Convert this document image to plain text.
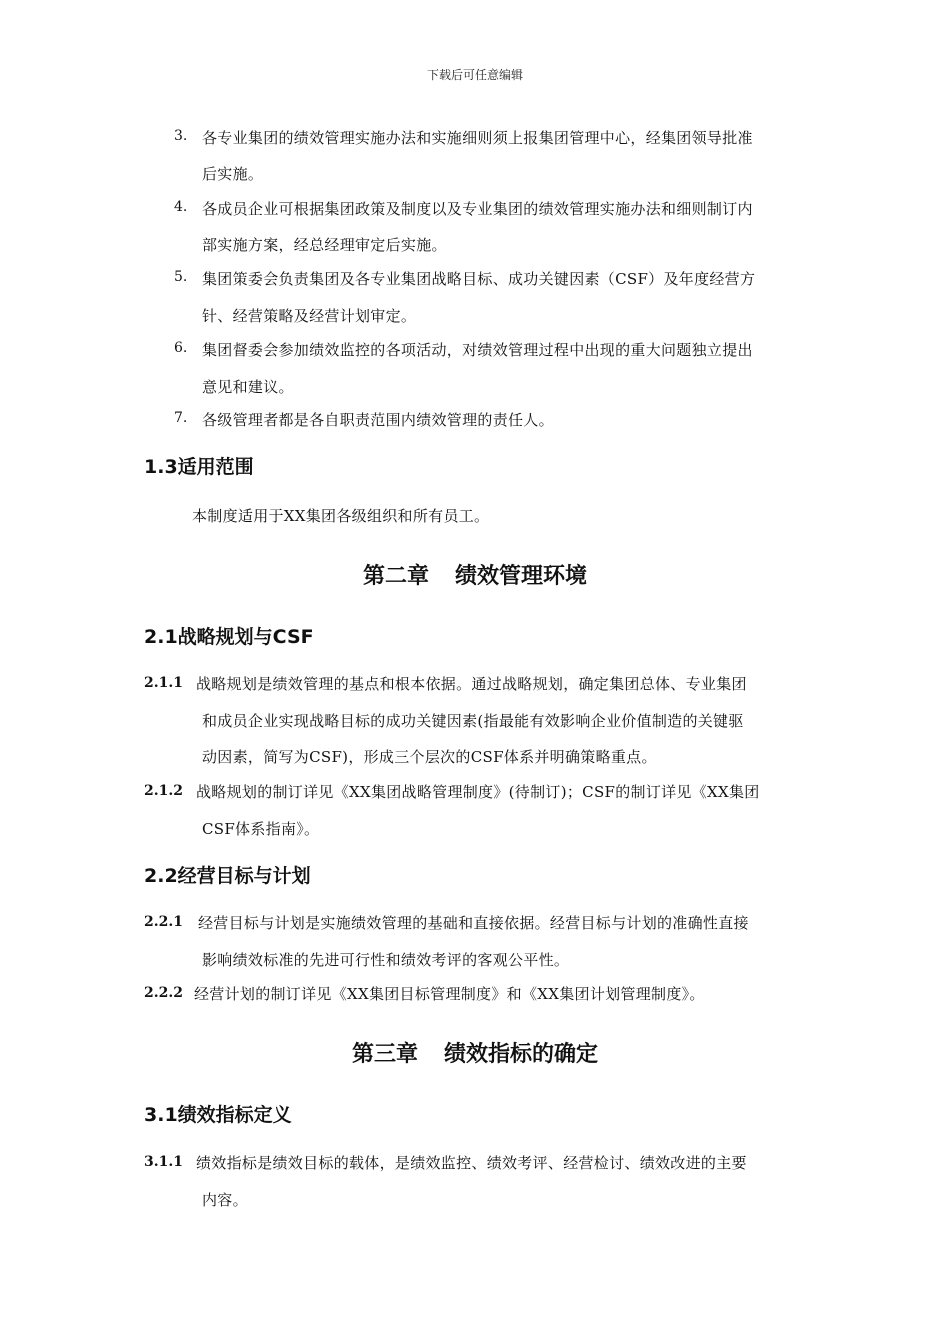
下载后可任意编辑
3. 各专业集团的绩效管理实施办法和实施细则须上报集团管理中心，经集团领导批准
后实施。
4. 各成员企业可根据集团政策及制度以及专业集团的绩效管理实施办法和细则制订内
部实施方案，经总经理审定后实施。
5. 集团策委会负责集团及各专业集团战略目标、成功关键因素（CSF）及年度经营方
针、经营策略及经营计划审定。
6. 集团督委会参加绩效监控的各项活动，对绩效管理过程中出现的重大问题独立提出
意见和建议。
7. 各级管理者都是各自职责范围内绩效管理的责任人。
1.3适用范围
本制度适用于XX集团各级组织和所有员工。
第二章 绩效管理环境
2.1战略规划与CSF
2.1.1 战略规划是绩效管理的基点和根本依据。通过战略规划，确定集团总体、专业集团
和成员企业实现战略目标的成功关键因素(指最能有效影响企业价值制造的关键驱
动因素，简写为CSF)，形成三个层次的CSF体系并明确策略重点。
2.1.2 战略规划的制订详见《XX集团战略管理制度》(待制订)；CSF的制订详见《XX集团
CSF体系指南》。
2.2经营目标与计划
2.2.1 经营目标与计划是实施绩效管理的基础和直接依据。经营目标与计划的准确性直接
影响绩效标准的先进可行性和绩效考评的客观公平性。
2.2.2 经营计划的制订详见《XX集团目标管理制度》和《XX集团计划管理制度》。
第三章 绩效指标的确定
3.1绩效指标定义
3.1.1 绩效指标是绩效目标的载体，是绩效监控、绩效考评、经营检讨、绩效改进的主要
内容。
